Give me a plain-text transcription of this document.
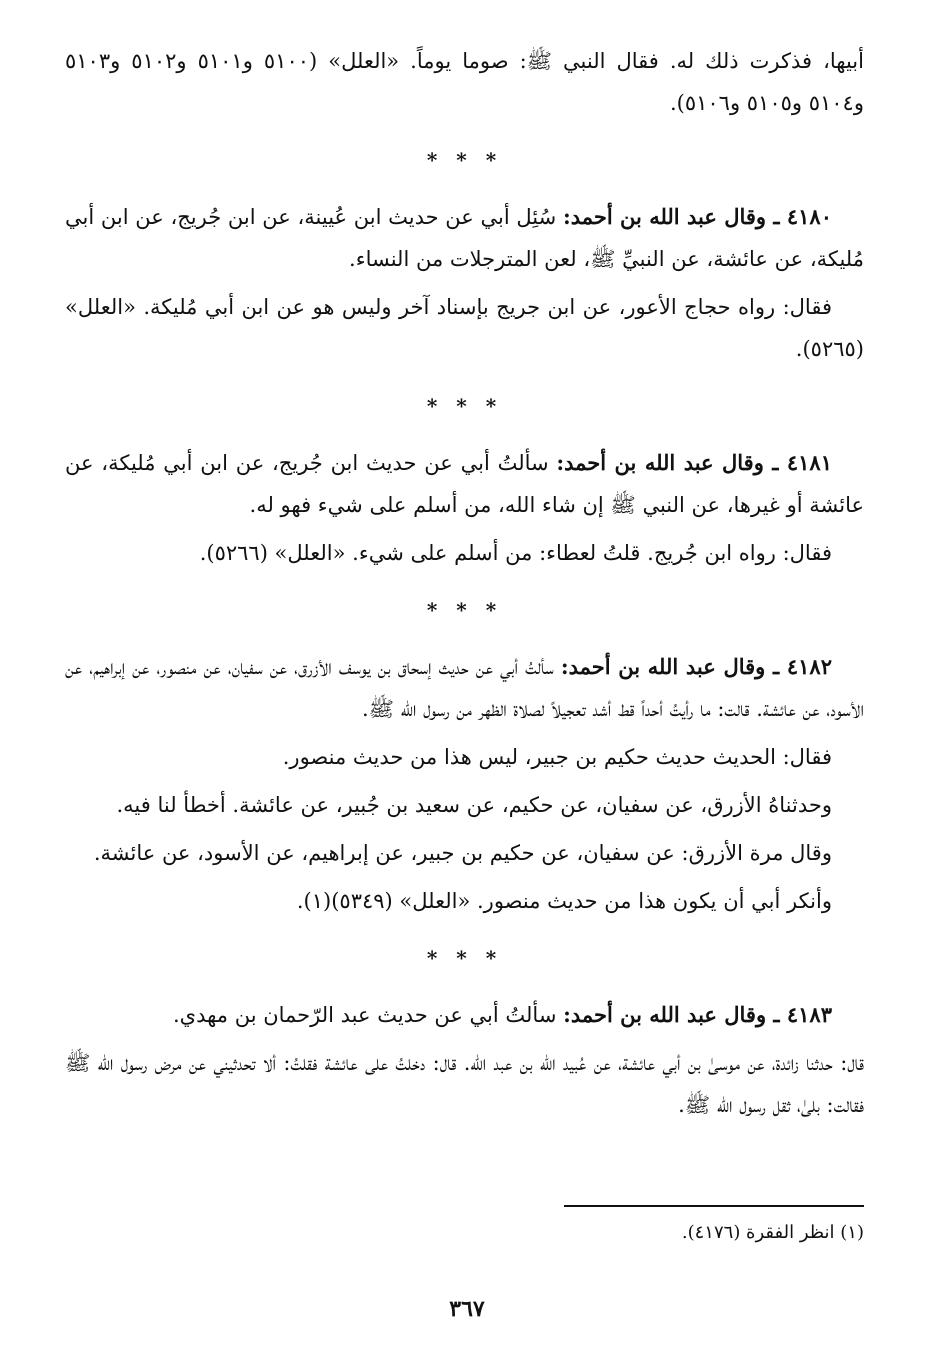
أبيها، فذكرت ذلك له. فقال النبي ﷺ: صوما يوماً. «العلل» (٥١٠٠ و٥١٠١ و٥١٠٢ و٥١٠٣ و٥١٠٤ و٥١٠٥ و٥١٠٦).

* * *

٤١٨٠ ـ وقال عبد الله بن أحمد: سُئِل أبي عن حديث ابن عُيينة، عن ابن جُريج، عن ابن أبي مُليكة، عن عائشة، عن النبيِّ ﷺ، لعن المترجلات من النساء.

فقال: رواه حجاج الأعور، عن ابن جريج بإسناد آخر وليس هو عن ابن أبي مُليكة. «العلل» (٥٢٦٥).

* * *

٤١٨١ ـ وقال عبد الله بن أحمد: سألتُ أبي عن حديث ابن جُريج، عن ابن أبي مُليكة، عن عائشة أو غيرها، عن النبي ﷺ إن شاء الله، من أسلم على شيء فهو له.

فقال: رواه ابن جُريج. قلتُ لعطاء: من أسلم على شيء. «العلل» (٥٢٦٦).

* * *

٤١٨٢ ـ وقال عبد الله بن أحمد: سألتُ أبي عن حديث إسحاق بن يوسف الأزرق، عن سفيان، عن منصور، عن إبراهيم، عن الأسود، عن عائشة. قالت: ما رأيتُ أحداً قط أشد تعجيلاً لصلاة الظهر من رسول الله ﷺ.

فقال: الحديث حديث حكيم بن جبير، ليس هذا من حديث منصور.

وحدثناهُ الأزرق، عن سفيان، عن حكيم، عن سعيد بن جُبير، عن عائشة. أخطأ لنا فيه.

وقال مرة الأزرق: عن سفيان، عن حكيم بن جبير، عن إبراهيم، عن الأسود، عن عائشة.

وأنكر أبي أن يكون هذا من حديث منصور. «العلل» (٥٣٤٩)(١).

* * *

٤١٨٣ ـ وقال عبد الله بن أحمد: سألتُ أبي عن حديث عبد الرّحمان بن مهدي.

قال: حدثنا زائدة، عن موسىٰ بن أبي عائشة، عن عُبيد الله بن عبد الله. قال: دخلتُ على عائشة فقلتُ: ألا تحدثيني عن مرض رسول الله ﷺ فقالت: بلىٰ، ثقل رسول الله ﷺ.

(١) انظر الفقرة (٤١٧٦).

٣٦٧
